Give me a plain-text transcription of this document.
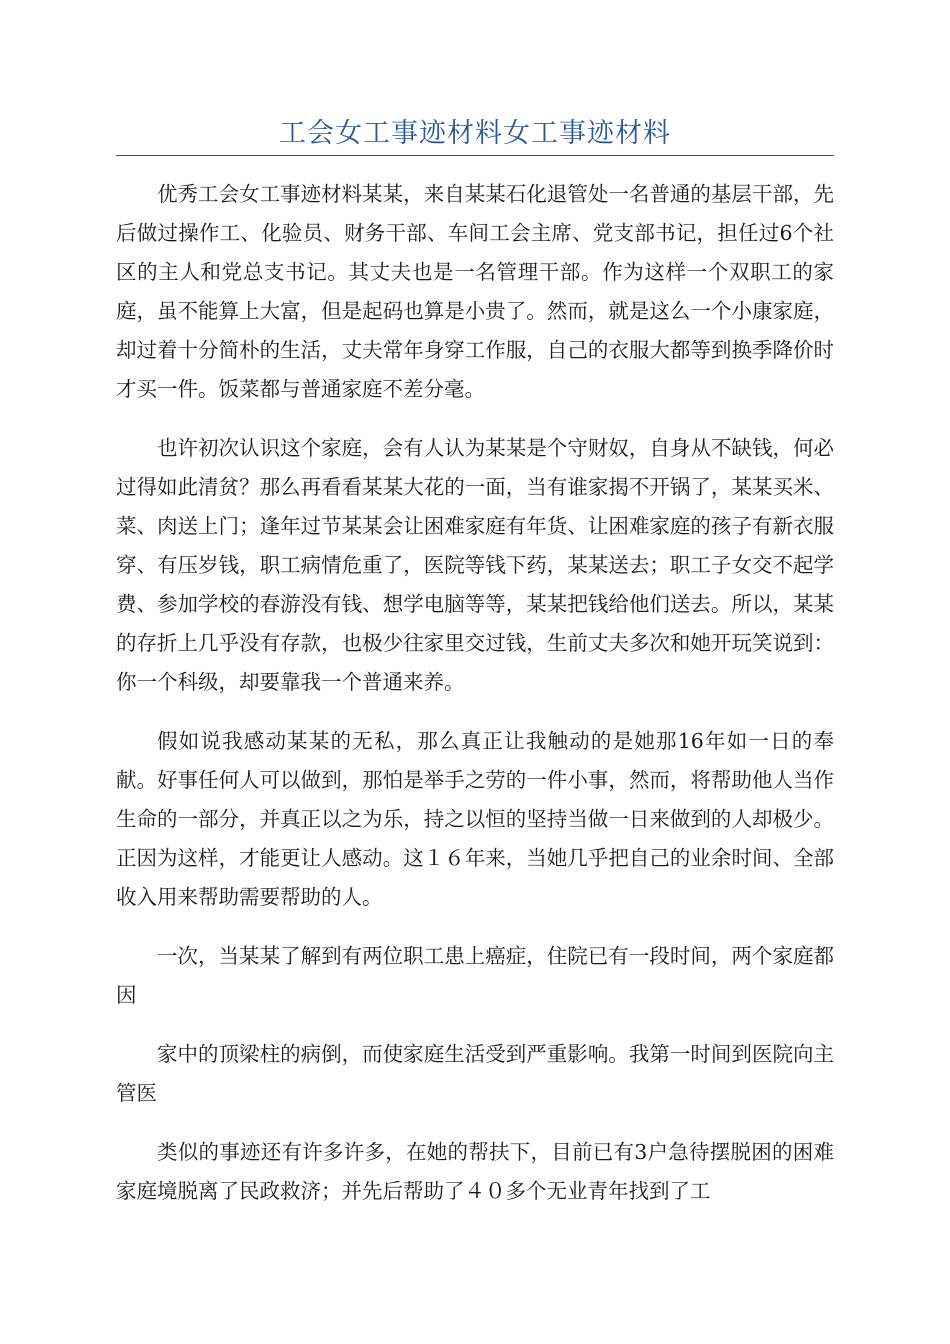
工会女工事迹材料女工事迹材料

优秀工会女工事迹材料某某，来自某某石化退管处一名普通的基层干部，先后做过操作工、化验员、财务干部、车间工会主席、党支部书记，担任过6个社区的主人和党总支书记。其丈夫也是一名管理干部。作为这样一个双职工的家庭，虽不能算上大富，但是起码也算是小贵了。然而，就是这么一个小康家庭，却过着十分简朴的生活，丈夫常年身穿工作服，自己的衣服大都等到换季降价时才买一件。饭菜都与普通家庭不差分毫。

也许初次认识这个家庭，会有人认为某某是个守财奴，自身从不缺钱，何必过得如此清贫？那么再看看某某大花的一面，当有谁家揭不开锅了，某某买米、菜、肉送上门；逢年过节某某会让困难家庭有年货、让困难家庭的孩子有新衣服穿、有压岁钱，职工病情危重了，医院等钱下药，某某送去；职工子女交不起学费、参加学校的春游没有钱、想学电脑等等，某某把钱给他们送去。所以，某某的存折上几乎没有存款，也极少往家里交过钱，生前丈夫多次和她开玩笑说到：你一个科级，却要靠我一个普通来养。

假如说我感动某某的无私，那么真正让我触动的是她那16年如一日的奉献。好事任何人可以做到，那怕是举手之劳的一件小事，然而，将帮助他人当作生命的一部分，并真正以之为乐，持之以恒的坚持当做一日来做到的人却极少。正因为这样，才能更让人感动。这１６年来，当她几乎把自己的业余时间、全部收入用来帮助需要帮助的人。

一次，当某某了解到有两位职工患上癌症，住院已有一段时间，两个家庭都因

家中的顶梁柱的病倒，而使家庭生活受到严重影响。我第一时间到医院向主管医

类似的事迹还有许多许多，在她的帮扶下，目前已有3户急待摆脱困的困难家庭境脱离了民政救济；并先后帮助了４０多个无业青年找到了工
